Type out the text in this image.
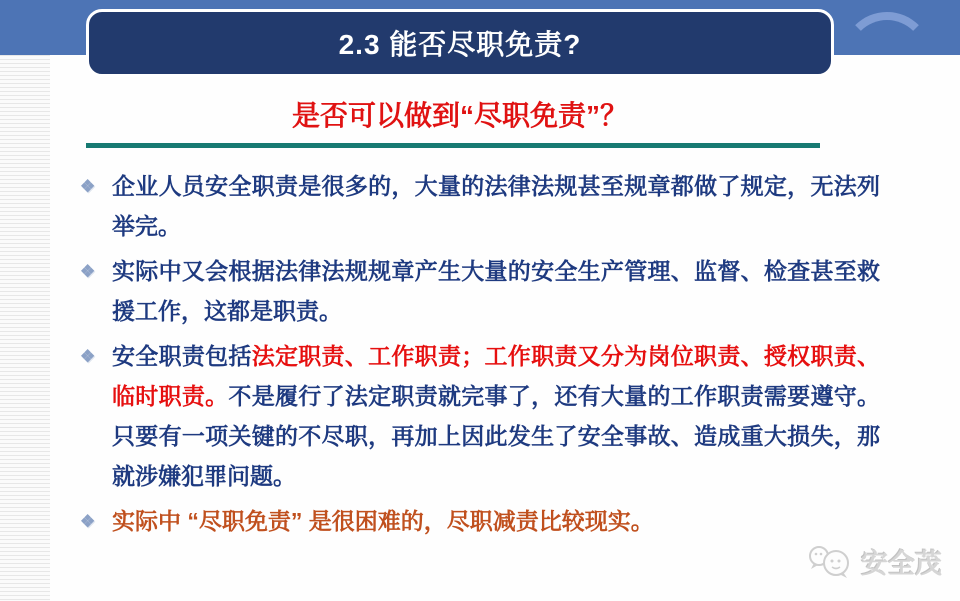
2.3 能否尽职免责?
是否可以做到“尽职免责”？
❖ 企业人员安全职责是很多的，大量的法律法规甚至规章都做了规定，无法列举完。
❖ 实际中又会根据法律法规规章产生大量的安全生产管理、监督、检查甚至救援工作，这都是职责。
❖ 安全职责包括法定职责、工作职责；工作职责又分为岗位职责、授权职责、临时职责。不是履行了法定职责就完事了，还有大量的工作职责需要遵守。只要有一项关键的不尽职，再加上因此发生了安全事故、造成重大损失，那就涉嫌犯罪问题。
❖ 实际中 “尽职免责” 是很困难的，尽职减责比较现实。
安全茂
